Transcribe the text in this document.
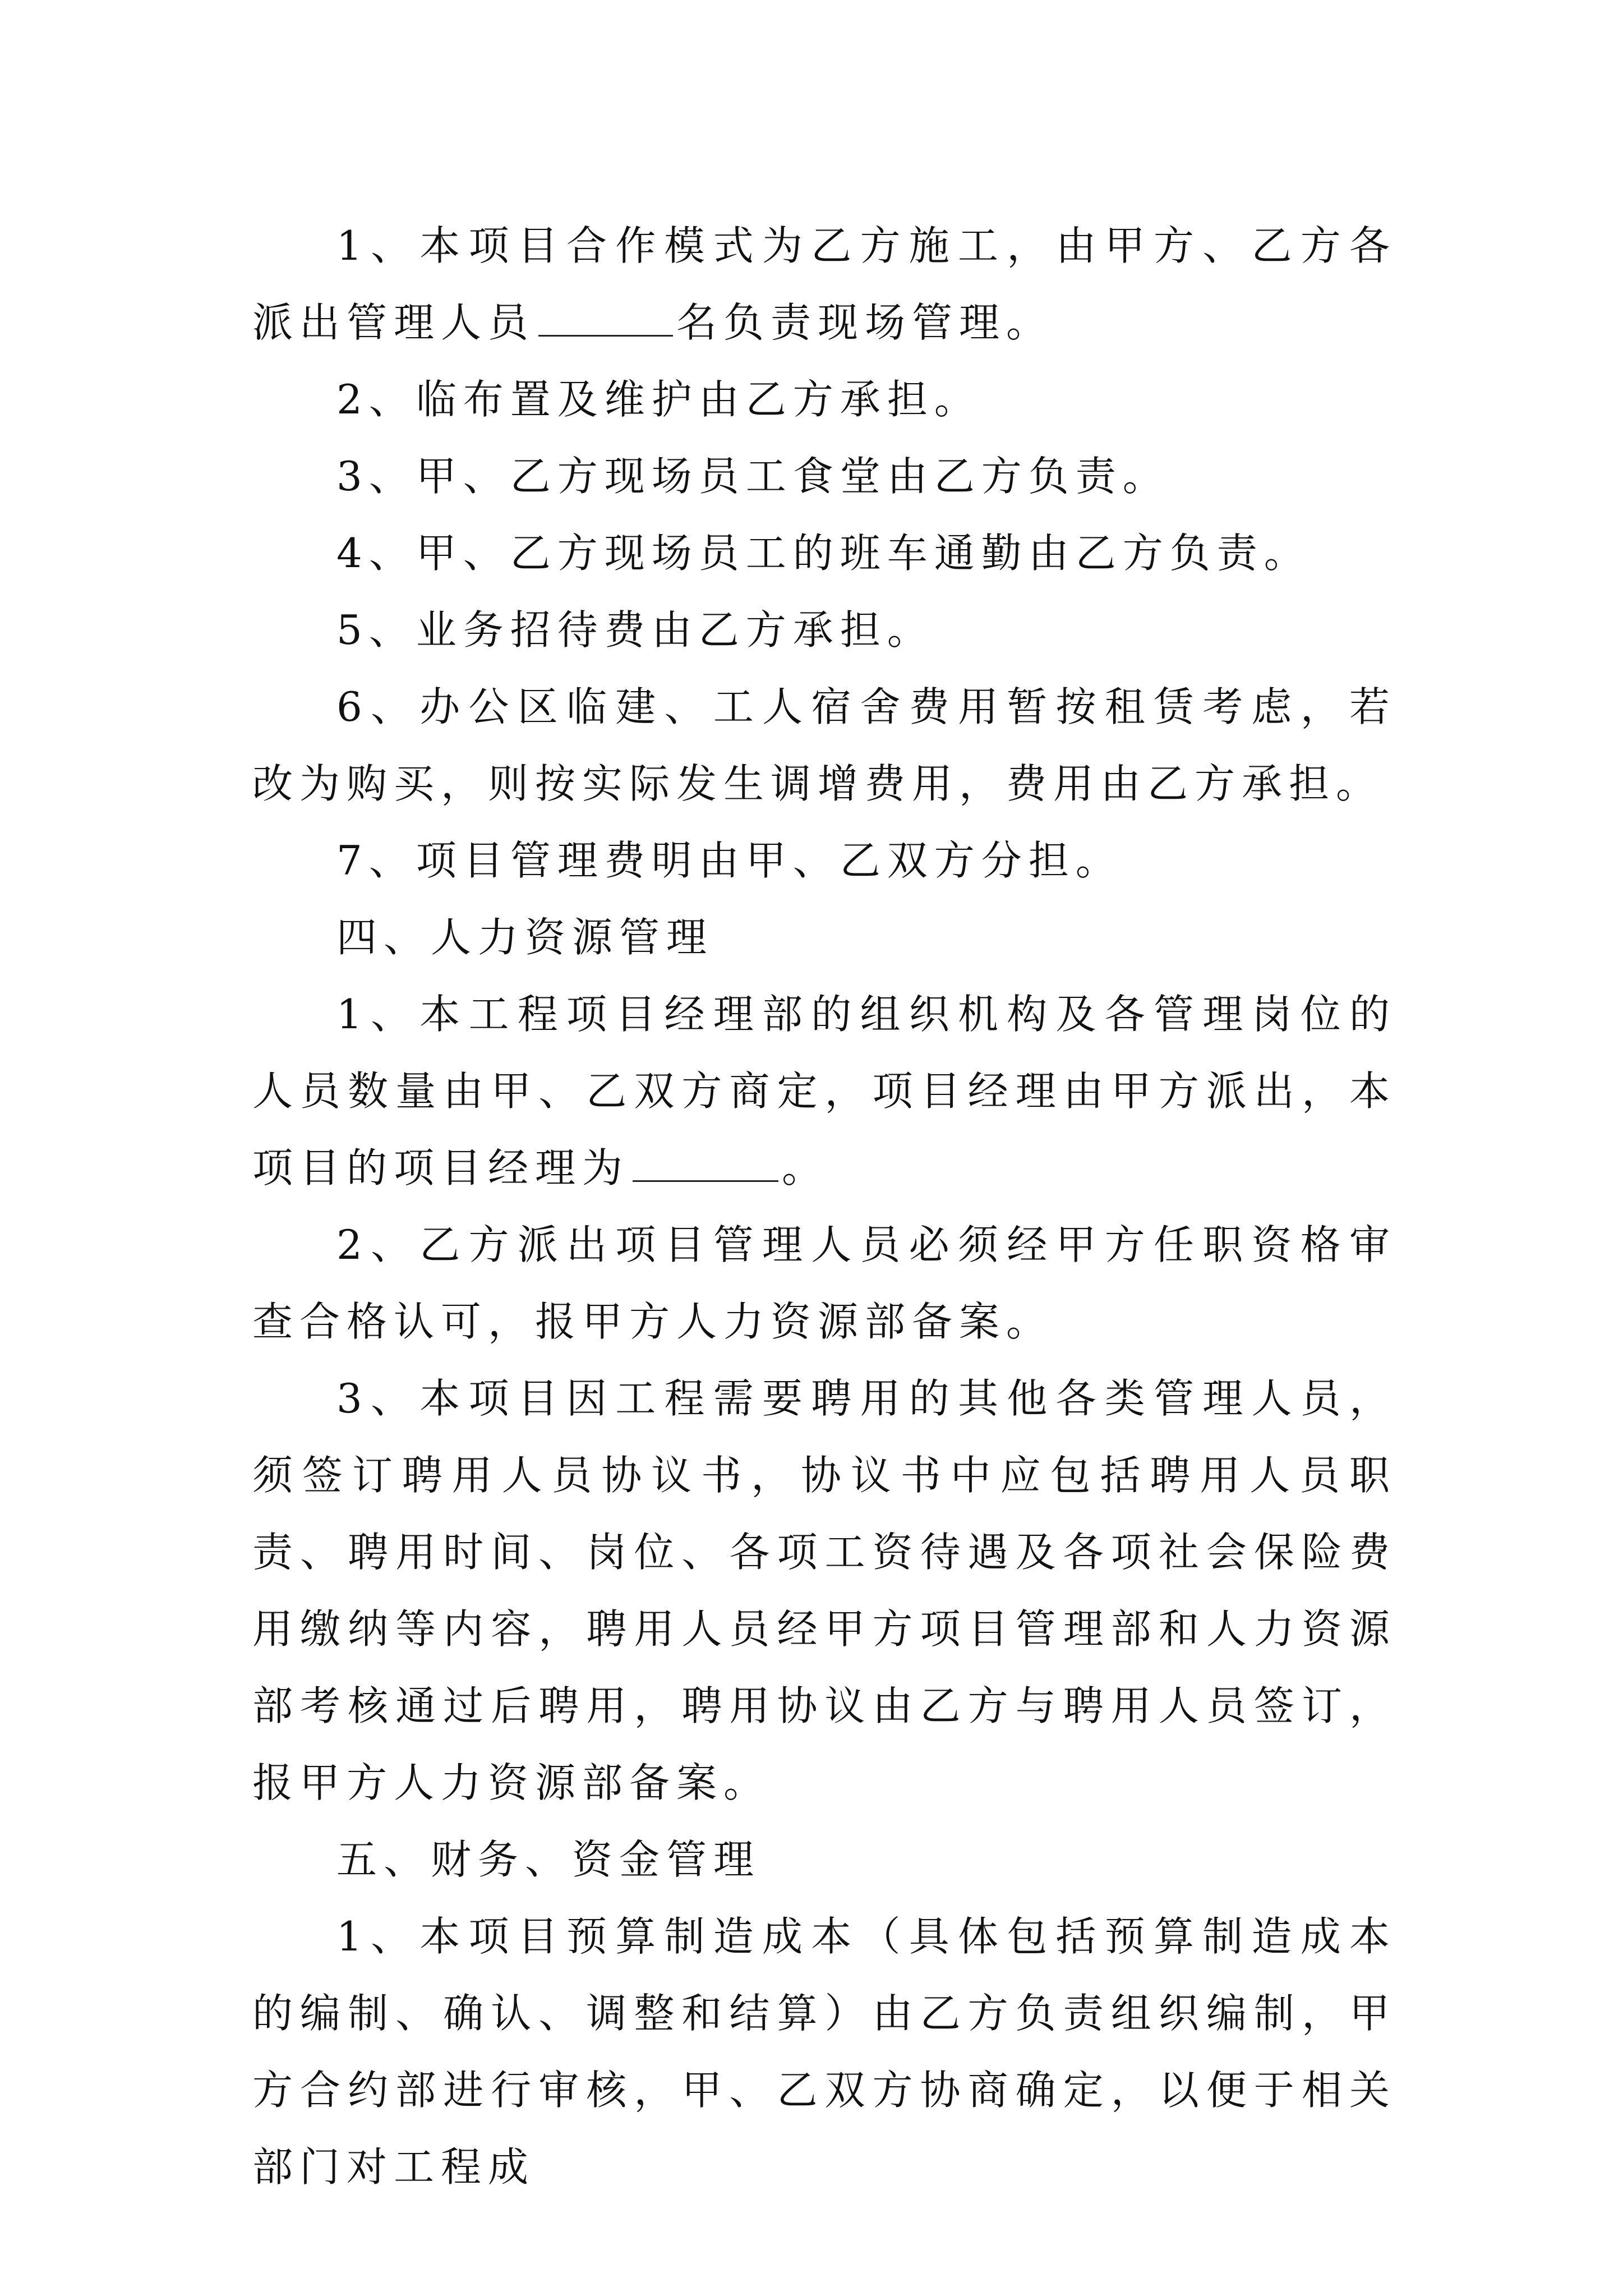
1、本项目合作模式为乙方施工，由甲方、乙方各派出管理人员	名负责现场管理。

2、临布置及维护由乙方承担。

3、甲、乙方现场员工食堂由乙方负责。

4、甲、乙方现场员工的班车通勤由乙方负责。

5、业务招待费由乙方承担。

6、办公区临建、工人宿舍费用暂按租赁考虑，若改为购买，则按实际发生调增费用，费用由乙方承担。

7、项目管理费明由甲、乙双方分担。

四、人力资源管理

1、本工程项目经理部的组织机构及各管理岗位的人员数量由甲、乙双方商定，项目经理由甲方派出，本项目的项目经理为	。

2、乙方派出项目管理人员必须经甲方任职资格审查合格认可，报甲方人力资源部备案。

3、本项目因工程需要聘用的其他各类管理人员，须签订聘用人员协议书，协议书中应包括聘用人员职责、聘用时间、岗位、各项工资待遇及各项社会保险费用缴纳等内容，聘用人员经甲方项目管理部和人力资源部考核通过后聘用，聘用协议由乙方与聘用人员签订，报甲方人力资源部备案。

五、财务、资金管理

1、本项目预算制造成本（具体包括预算制造成本的编制、确认、调整和结算）由乙方负责组织编制，甲方合约部进行审核，甲、乙双方协商确定，以便于相关部门对工程成
